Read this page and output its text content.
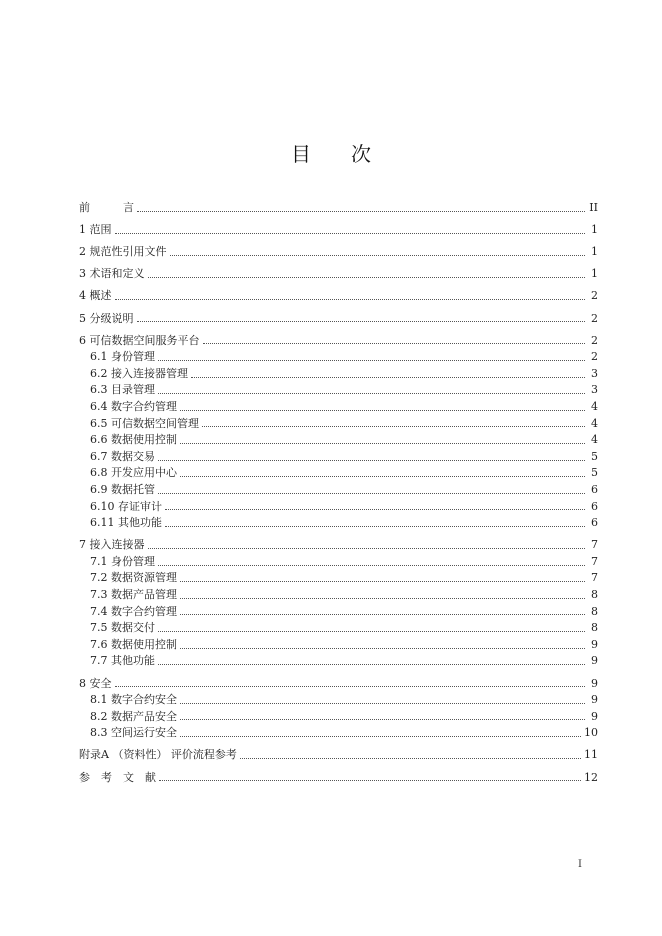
目　　次
前　　　言	II
1 范围	1
2 规范性引用文件	1
3 术语和定义	1
4 概述	2
5 分级说明	2
6 可信数据空间服务平台	2
6.1 身份管理	2
6.2 接入连接器管理	3
6.3 目录管理	3
6.4 数字合约管理	4
6.5 可信数据空间管理	4
6.6 数据使用控制	4
6.7 数据交易	5
6.8 开发应用中心	5
6.9 数据托管	6
6.10 存证审计	6
6.11 其他功能	6
7 接入连接器	7
7.1 身份管理	7
7.2 数据资源管理	7
7.3 数据产品管理	8
7.4 数字合约管理	8
7.5 数据交付	8
7.6 数据使用控制	9
7.7 其他功能	9
8 安全	9
8.1 数字合约安全	9
8.2 数据产品安全	9
8.3 空间运行安全	10
附录A （资料性） 评价流程参考	11
参　考　文　献	12
I
